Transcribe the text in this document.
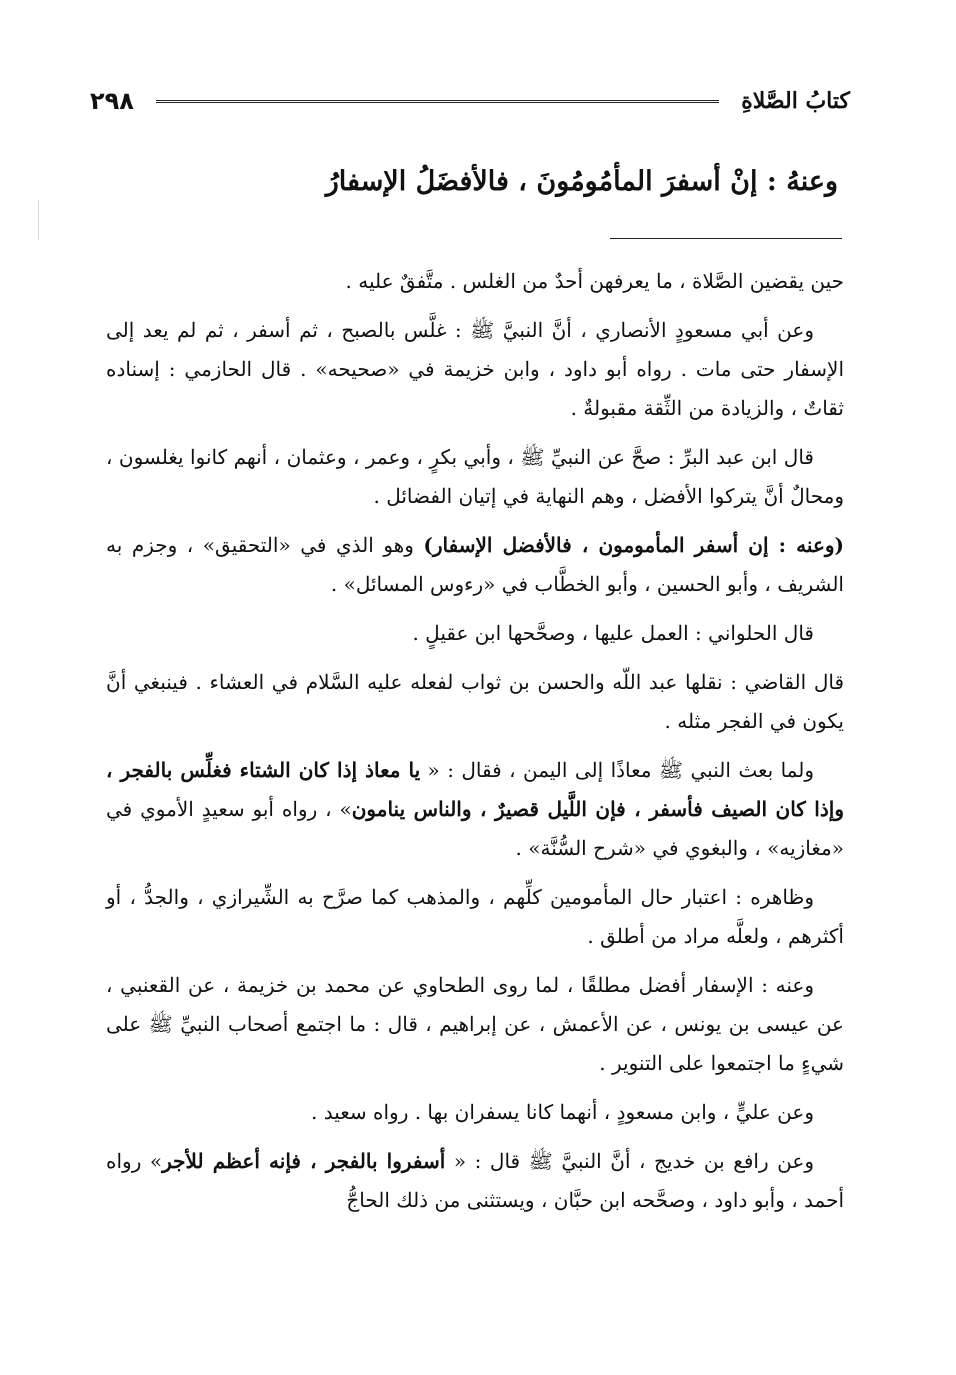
٢٩٨	كتابُ الصَّلاةِ
وعنهُ : إنْ أسفرَ المأمُومُونَ ، فالأفضَلُ الإسفارُ

حين يقضين الصَّلاة ، ما يعرفهن أحدٌ من الغلس . متَّفقٌ عليه .

وعن أبي مسعودٍ الأنصاري ، أنَّ النبيَّ ﷺ : غلَّس بالصبح ، ثم أسفر ، ثم لم يعد إلى الإسفار حتى مات . رواه أبو داود ، وابن خزيمة في «صحيحه» . قال الحازمي : إسناده ثقاتٌ ، والزيادة من الثِّقة مقبولةٌ .

قال ابن عبد البرِّ : صحَّ عن النبيِّ ﷺ ، وأبي بكرٍ ، وعمر ، وعثمان ، أنهم كانوا يغلسون ، ومحالٌ أنَّ يتركوا الأفضل ، وهم النهاية في إتيان الفضائل .

(وعنه : إن أسفر المأمومون ، فالأفضل الإسفار) وهو الذي في «التحقيق» ، وجزم به الشريف ، وأبو الحسين ، وأبو الخطَّاب في «رءوس المسائل» .

قال الحلواني : العمل عليها ، وصحَّحها ابن عقيلٍ .

قال القاضي : نقلها عبد اللّه والحسن بن ثواب لفعله عليه السَّلام في العشاء . فينبغي أنَّ يكون في الفجر مثله .

ولما بعث النبي ﷺ معاذًا إلى اليمن ، فقال : « يا معاذ إذا كان الشتاء فغلِّس بالفجر ، وإذا كان الصيف فأسفر ، فإن اللَّيل قصيرٌ ، والناس ينامون» ، رواه أبو سعيدٍ الأموي في «مغازيه» ، والبغوي في «شرح السُّنَّة» .

وظاهره : اعتبار حال المأمومين كلِّهم ، والمذهب كما صرَّح به الشِّيرازي ، والجدُّ ، أو أكثرهم ، ولعلَّه مراد من أطلق .

وعنه : الإسفار أفضل مطلقًا ، لما روى الطحاوي عن محمد بن خزيمة ، عن القعنبي ، عن عيسى بن يونس ، عن الأعمش ، عن إبراهيم ، قال : ما اجتمع أصحاب النبيِّ ﷺ على شيءٍ ما اجتمعوا على التنوير .

وعن عليٍّ ، وابن مسعودٍ ، أنهما كانا يسفران بها . رواه سعيد .

وعن رافع بن خديج ، أنَّ النبيَّ ﷺ قال : « أسفروا بالفجر ، فإنه أعظم للأجر» رواه أحمد ، وأبو داود ، وصحَّحه ابن حبَّان ، ويستثنى من ذلك الحاجُّ
